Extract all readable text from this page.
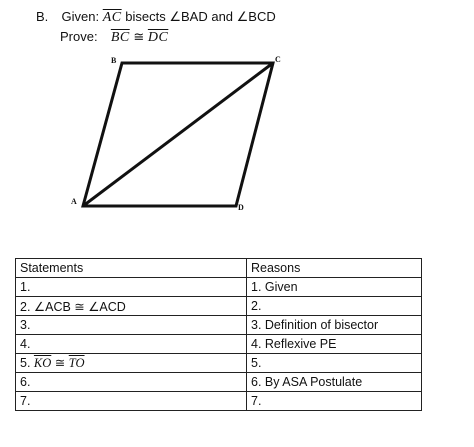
B. Given: $\overline{AC}$ bisects ∠BAD and ∠BCD
Prove: $\overline{BC}$ ≅ $\overline{DC}$
B	C
A
D
Statements	Reasons
1.	1. Given
2. ∠ACB ≅ ∠ACD	2.
3.	3. Definition of bisector
4.	4. Reflexive PE
5. $\overline{KO}$ ≅ $\overline{TO}$	5.
6.	6. By ASA Postulate
7.	7.
